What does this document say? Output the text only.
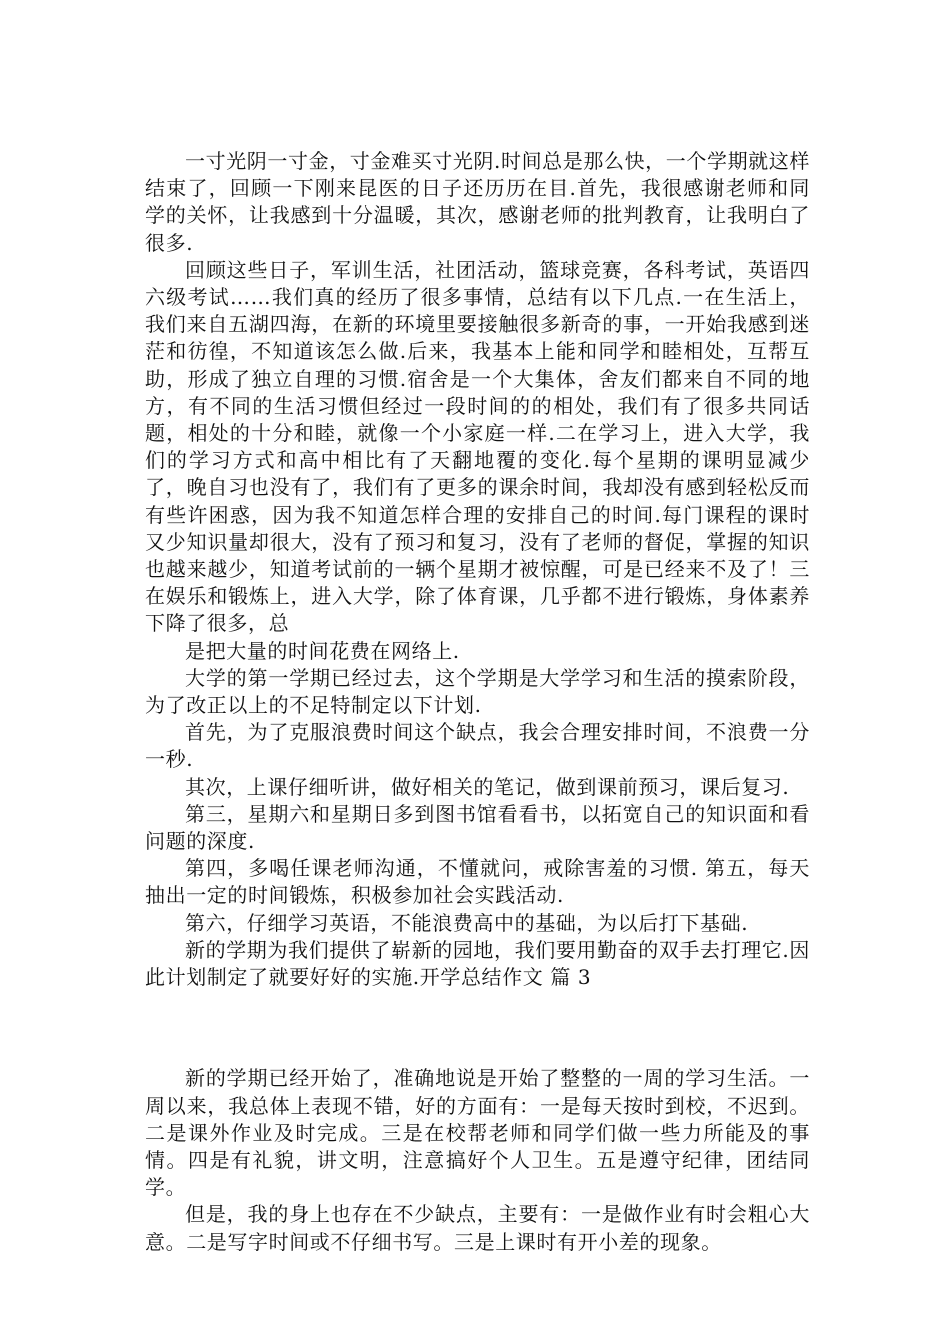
一寸光阴一寸金，寸金难买寸光阴.时间总是那么快，一个学期就这样结束了，回顾一下刚来昆医的日子还历历在目.首先，我很感谢老师和同学的关怀，让我感到十分温暖，其次，感谢老师的批判教育，让我明白了很多.

回顾这些日子，军训生活，社团活动，篮球竞赛，各科考试，英语四六级考试……我们真的经历了很多事情，总结有以下几点.一在生活上，我们来自五湖四海，在新的环境里要接触很多新奇的事，一开始我感到迷茫和彷徨，不知道该怎么做.后来，我基本上能和同学和睦相处，互帮互助，形成了独立自理的习惯.宿舍是一个大集体，舍友们都来自不同的地方，有不同的生活习惯但经过一段时间的的相处，我们有了很多共同话题，相处的十分和睦，就像一个小家庭一样.二在学习上，进入大学，我们的学习方式和高中相比有了天翻地覆的变化.每个星期的课明显减少了，晚自习也没有了，我们有了更多的课余时间，我却没有感到轻松反而有些许困惑，因为我不知道怎样合理的安排自己的时间.每门课程的课时又少知识量却很大，没有了预习和复习，没有了老师的督促，掌握的知识也越来越少，知道考试前的一辆个星期才被惊醒，可是已经来不及了！三在娱乐和锻炼上，进入大学，除了体育课，几乎都不进行锻炼，身体素养下降了很多，总

是把大量的时间花费在网络上.

大学的第一学期已经过去，这个学期是大学学习和生活的摸索阶段，为了改正以上的不足特制定以下计划.

首先，为了克服浪费时间这个缺点，我会合理安排时间，不浪费一分一秒.

其次，上课仔细听讲，做好相关的笔记，做到课前预习，课后复习.

第三，星期六和星期日多到图书馆看看书，以拓宽自己的知识面和看问题的深度.

第四，多喝任课老师沟通，不懂就问，戒除害羞的习惯. 第五，每天抽出一定的时间锻炼，积极参加社会实践活动.

第六，仔细学习英语，不能浪费高中的基础，为以后打下基础.

新的学期为我们提供了崭新的园地，我们要用勤奋的双手去打理它.因此计划制定了就要好好的实施.开学总结作文 篇 3

新的学期已经开始了，准确地说是开始了整整的一周的学习生活。一周以来，我总体上表现不错，好的方面有：一是每天按时到校，不迟到。二是课外作业及时完成。三是在校帮老师和同学们做一些力所能及的事情。四是有礼貌，讲文明，注意搞好个人卫生。五是遵守纪律，团结同学。

但是，我的身上也存在不少缺点，主要有：一是做作业有时会粗心大意。二是写字时间或不仔细书写。三是上课时有开小差的现象。
